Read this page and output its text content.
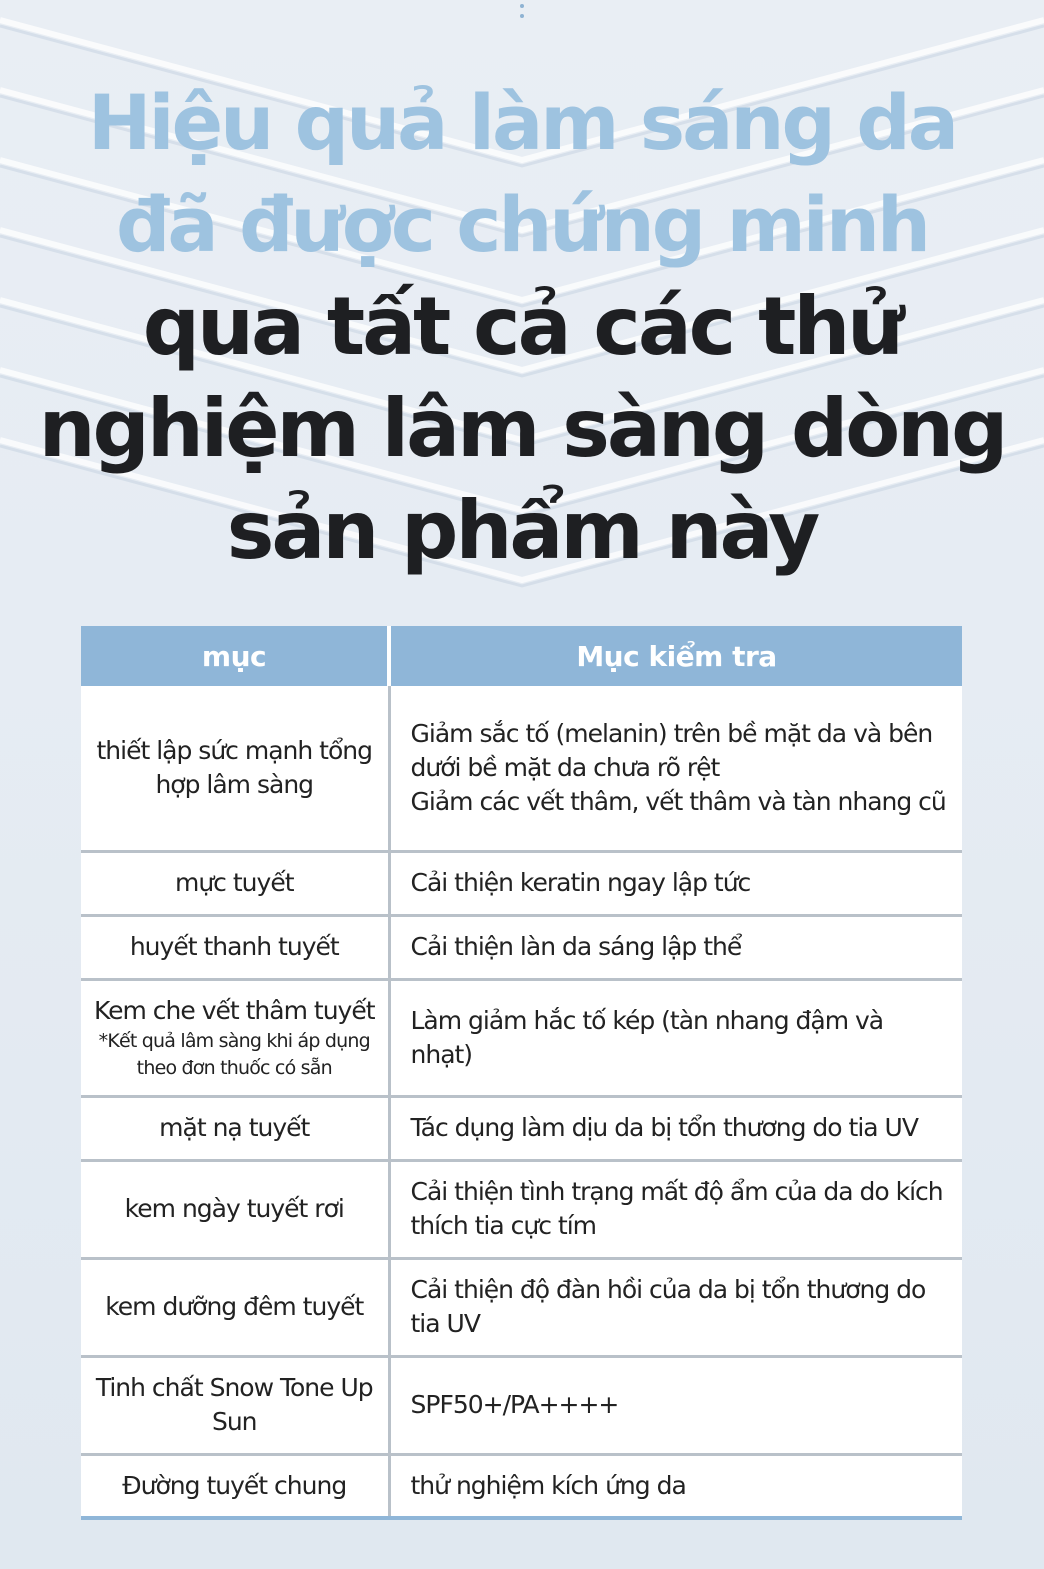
Hiệu quả làm sáng da
đã được chứng minh
qua tất cả các thử
nghiệm lâm sàng dòng
sản phẩm này
mục	Mục kiểm tra
thiết lập sức mạnh tổng hợp lâm sàng	Giảm sắc tố (melanin) trên bề mặt da và bên dưới bề mặt da chưa rõ rệt
Giảm các vết thâm, vết thâm và tàn nhang cũ

mực tuyết	Cải thiện keratin ngay lập tức

huyết thanh tuyết	Cải thiện làn da sáng lập thể

Kem che vết thâm tuyết
*Kết quả lâm sàng khi áp dụng theo đơn thuốc có sẵn	Làm giảm hắc tố kép (tàn nhang đậm và nhạt)

mặt nạ tuyết	Tác dụng làm dịu da bị tổn thương do tia UV

kem ngày tuyết rơi	Cải thiện tình trạng mất độ ẩm của da do kích thích tia cực tím

kem dưỡng đêm tuyết	Cải thiện độ đàn hồi của da bị tổn thương do tia UV

Tinh chất Snow Tone Up Sun	SPF50+/PA++++

Đường tuyết chung	thử nghiệm kích ứng da
